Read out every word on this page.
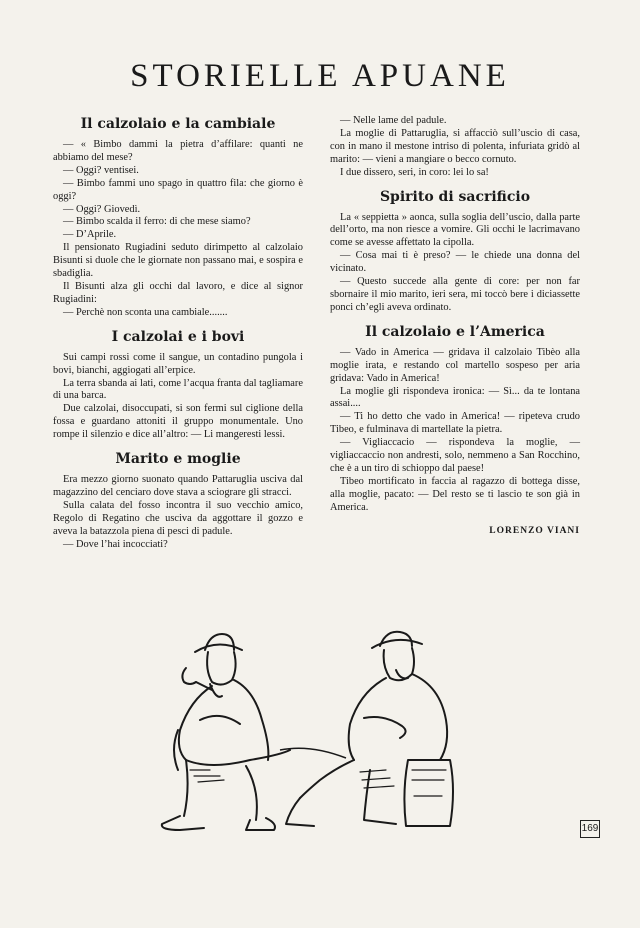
STORIELLE APUANE
Il calzolaio e la cambiale

— « Bimbo dammi la pietra d’affilare: quanti ne abbiamo del mese?

— Oggi? ventisei.

— Bimbo fammi uno spago in quattro fila: che giorno è oggi?

— Oggi? Giovedì.

— Bimbo scalda il ferro: di che mese siamo?

— D’Aprile.

Il pensionato Rugiadini seduto dirimpetto al calzolaio Bisunti si duole che le giornate non passano mai, e sospira e sbadiglia.

Il Bisunti alza gli occhi dal lavoro, e dice al signor Rugiadini:

— Perchè non sconta una cambiale.......

I calzolai e i bovi

Sui campi rossi come il sangue, un contadino pungola i bovi, bianchi, aggiogati all’erpice.

La terra sbanda ai lati, come l’acqua franta dal tagliamare di una barca.

Due calzolai, disoccupati, si son fermi sul ciglione della fossa e guardano attoniti il gruppo monumentale. Uno rompe il silenzio e dice all’altro: — Li mangeresti lessi.

Marito e moglie

Era mezzo giorno suonato quando Pattaruglia usciva dal magazzino del cenciaro dove stava a sciograre gli stracci.

Sulla calata del fosso incontra il suo vecchio amico, Regolo di Regatino che usciva da aggottare il gozzo e aveva la batazzola piena di pesci di padule.

— Dove l’hai incocciati?

— Nelle lame del padule.

La moglie di Pattaruglia, si affacciò sull’uscio di casa, con in mano il mestone intriso di polenta, infuriata gridò al marito: — vieni a mangiare o becco cornuto.

I due dissero, seri, in coro: lei lo sa!

Spirito di sacrificio

La « seppietta » aonca, sulla soglia dell’uscio, dalla parte dell’orto, ma non riesce a vomire. Gli occhi le lacrimavano come se avesse affettato la cipolla.

— Cosa mai ti è preso? — le chiede una donna del vicinato.

— Questo succede alla gente di core: per non far sbornaire il mio marito, ieri sera, mi toccò bere i diciassette ponci ch’egli aveva ordinato.

Il calzolaio e l’America

— Vado in America — gridava il calzolaio Tibèo alla moglie irata, e restando col martello sospeso per aria gridava: Vado in America!

La moglie gli rispondeva ironica: — Sì... da te lontana assai....

— Ti ho detto che vado in America! — ripeteva crudo Tibeo, e fulminava di martellate la pietra.

— Vigliaccacio — rispondeva la moglie, — vigliaccaccio non andresti, solo, nemmeno a San Rocchino, che è a un tiro di schioppo dal paese!

Tibeo mortificato in faccia al ragazzo di bottega disse, alla moglie, pacato: — Del resto se ti lascio te son già in America.

LORENZO VIANI
169
